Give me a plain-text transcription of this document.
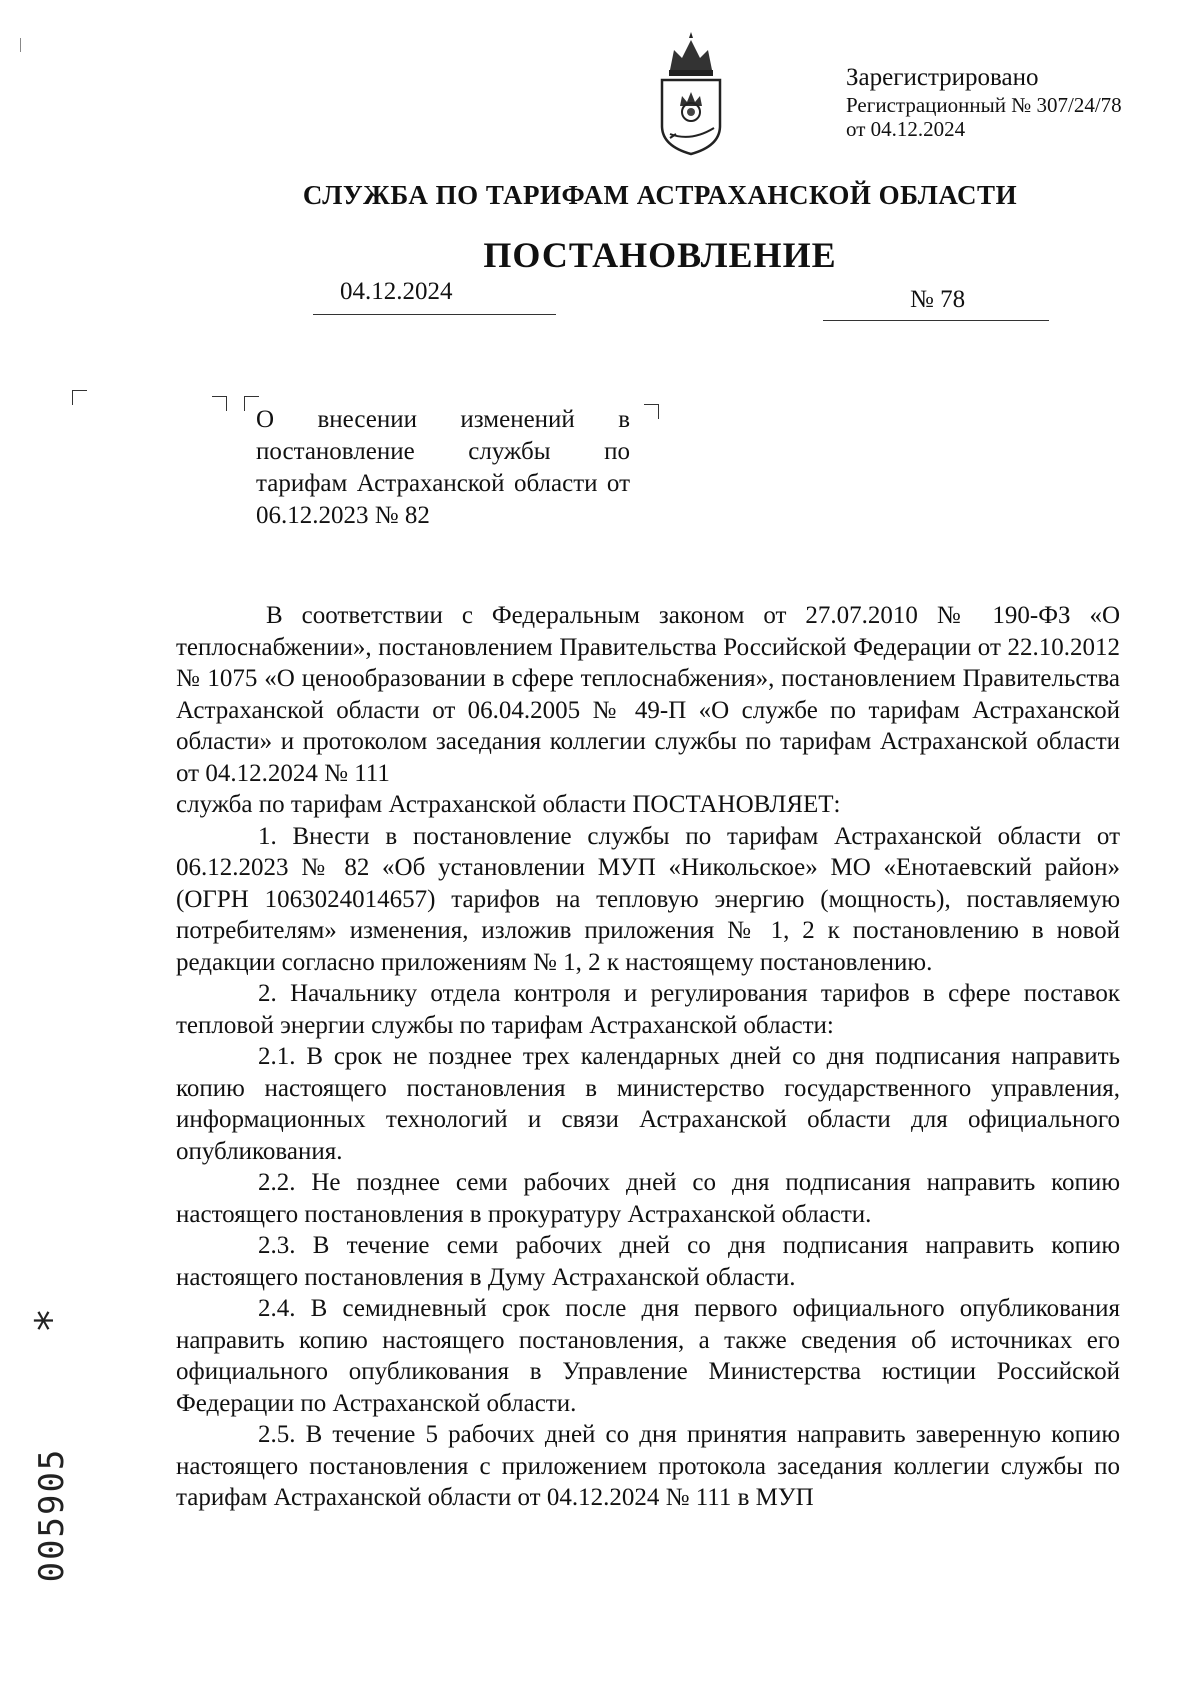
Зарегистрировано
Регистрационный № 307/24/78
от 04.12.2024
СЛУЖБА ПО ТАРИФАМ АСТРАХАНСКОЙ ОБЛАСТИ
ПОСТАНОВЛЕНИЕ
04.12.2024	№ 78
О внесении изменений в постановление службы по тарифам Астраханской области от 06.12.2023 № 82

В соответствии с Федеральным законом от 27.07.2010 № 190-ФЗ «О теплоснабжении», постановлением Правительства Российской Федерации от 22.10.2012 № 1075 «О ценообразовании в сфере теплоснабжения», постановлением Правительства Астраханской области от 06.04.2005 № 49-П «О службе по тарифам Астраханской области» и протоколом заседания коллегии службы по тарифам Астраханской области от 04.12.2024 № 111

служба по тарифам Астраханской области ПОСТАНОВЛЯЕТ:

1. Внести в постановление службы по тарифам Астраханской области от 06.12.2023 № 82 «Об установлении МУП «Никольское» МО «Енотаевский район» (ОГРН 1063024014657) тарифов на тепловую энергию (мощность), поставляемую потребителям» изменения, изложив приложения № 1, 2 к постановлению в новой редакции согласно приложениям № 1, 2 к настоящему постановлению.

2. Начальнику отдела контроля и регулирования тарифов в сфере поставок тепловой энергии службы по тарифам Астраханской области:

2.1. В срок не позднее трех календарных дней со дня подписания направить копию настоящего постановления в министерство государственного управления, информационных технологий и связи Астраханской области для официального опубликования.

2.2. Не позднее семи рабочих дней со дня подписания направить копию настоящего постановления в прокуратуру Астраханской области.

2.3. В течение семи рабочих дней со дня подписания направить копию настоящего постановления в Думу Астраханской области.

2.4. В семидневный срок после дня первого официального опубликования направить копию настоящего постановления, а также сведения об источниках его официального опубликования в Управление Министерства юстиции Российской Федерации по Астраханской области.

2.5. В течение 5 рабочих дней со дня принятия направить заверенную копию настоящего постановления с приложением протокола заседания коллегии службы по тарифам Астраханской области от 04.12.2024 № 111 в МУП

005905
*
